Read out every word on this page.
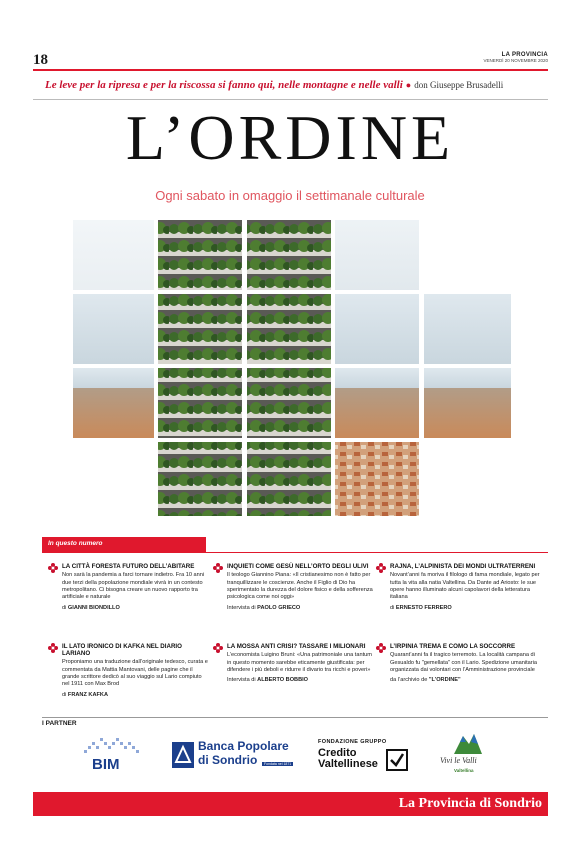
18	LA PROVINCIA
VENERDÌ 20 NOVEMBRE 2020
Le leve per la ripresa e per la riscossa si fanno qui, nelle montagne e nelle valli ● don Giuseppe Brusadelli
L’ORDINE
Ogni sabato in omaggio il settimanale culturale
In questo numero
LA CITTÀ FORESTA FUTURO DELL’ABITARE
Non sarà la pandemia a farci tornare indietro. Fra 10 anni due terzi della popolazione mondiale vivrà in un contesto metropolitano. Ci bisogna creare un nuovo rapporto tra artificiale e naturale
di GIANNI BIONDILLO
INQUIETI COME GESÙ NELL’ORTO DEGLI ULIVI
Il teologo Giannino Piana: «Il cristianesimo non è fatto per tranquillizzare le coscienze. Anche il Figlio di Dio ha sperimentato la durezza del dolore fisico e della sofferenza psicologica come noi oggi»
Intervista di PAOLO GRIECO
RAJNA, L’ALPINISTA DEI MONDI ULTRATERRENI
Novant’anni fa moriva il filologo di fama mondiale, legato per tutta la vita alla natia Valtellina. Da Dante ad Ariosto: le sue opere hanno illuminato alcuni capolavori della letteratura italiana
di ERNESTO FERRERO
IL LATO IRONICO DI KAFKA NEL DIARIO LARIANO
Proponiamo una traduzione dall’originale tedesco, curata e commentata da Mattia Mantovani, delle pagine che il grande scrittore dedicò al suo viaggio sul Lario compiuto nel 1911 con Max Brod
di FRANZ KAFKA
LA MOSSA ANTI CRISI? TASSARE I MILIONARI
L’economista Luigino Bruni: «Una patrimoniale una tantum in questo momento sarebbe eticamente giustificata: per difendere i più deboli e ridurre il divario tra ricchi e poveri»
Intervista di ALBERTO BOBBIO
L’IRPINIA TREMA E COMO LA SOCCORRE
Quarant’anni fa il tragico terremoto. La località campana di Gesualdo fu "gemellata" con il Lario. Spedizione umanitaria organizzata dai volontari con l’Amministrazione provinciale
da l’archivio de "L’ORDINE"
I PARTNER
BIM
Banca Popolare
di Sondrio	Fondata nel 1871
FONDAZIONE GRUPPO
Credito
Valtellinese	Vivi le Valli
Valtellina
La Provincia di Sondrio
